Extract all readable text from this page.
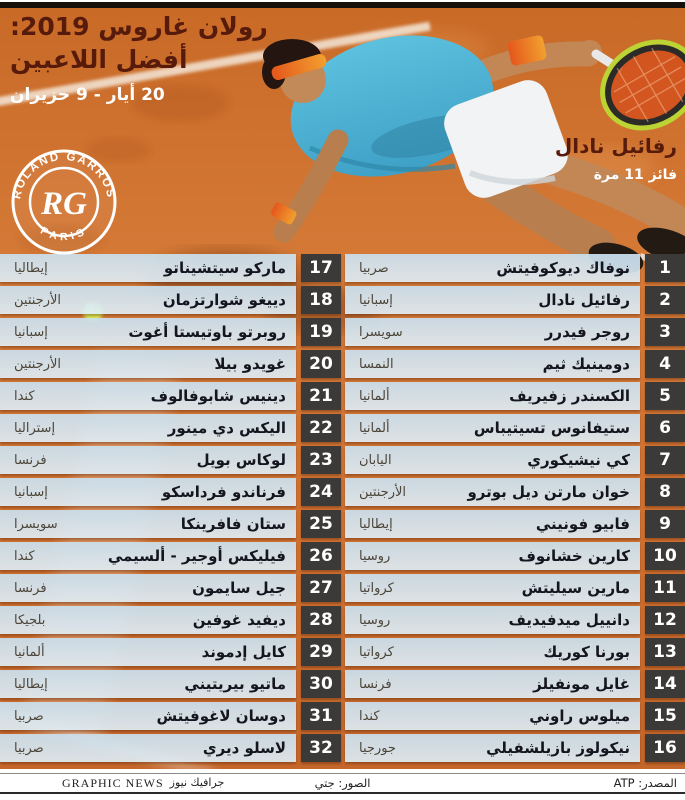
رولان غاروس 2019:
أفضل اللاعبين
20 أيار - 9 حزيران
ROLAND GARROS
PARIS
RG
رفائيل نادال
فائز 11 مرة
1
نوفاك ديوكوفيتش
صربيا
2
رفائيل نادال
إسبانيا
3
روجر فيدرر
سويسرا
4
دومينيك ثيم
النمسا
5
الكسندر زفيريف
ألمانيا
6
ستيفانوس تسيتيباس
ألمانيا
7
كي نيشيكوري
اليابان
8
خوان مارتن ديل بوترو
الأرجنتين
9
فابيو فونيني
إيطاليا
10
كارين خشانوف
روسيا
11
مارين سيليتش
كرواتيا
12
دانييل ميدفيديف
روسيا
13
بورنا كوريك
كرواتيا
14
غايل مونفيلز
فرنسا
15
ميلوس راوني
كندا
16
نيكولوز بازيلشفيلي
جورجيا
17
ماركو سيتشيناتو
إيطاليا
18
دييغو شوارتزمان
الأرجنتين
19
روبرتو باوتيستا أغوت
إسبانيا
20
غويدو بيلا
الأرجنتين
21
دينيس شابوفالوف
كندا
22
اليكس دي مينور
إستراليا
23
لوكاس بويل
فرنسا
24
فرناندو فرداسكو
إسبانيا
25
ستان فافرينكا
سويسرا
26
فيليكس أوجير - ألسيمي
كندا
27
جيل سايمون
فرنسا
28
ديفيد غوفين
بلجيكا
29
كايل إدموند
ألمانيا
30
ماتيو بيريتيني
إيطاليا
31
دوسان لاغوفيتش
صربيا
32
لاسلو ديري
صربيا
المصدر: ATP
الصور: جتي
GRAPHIC NEWS جرافيك نيوز
